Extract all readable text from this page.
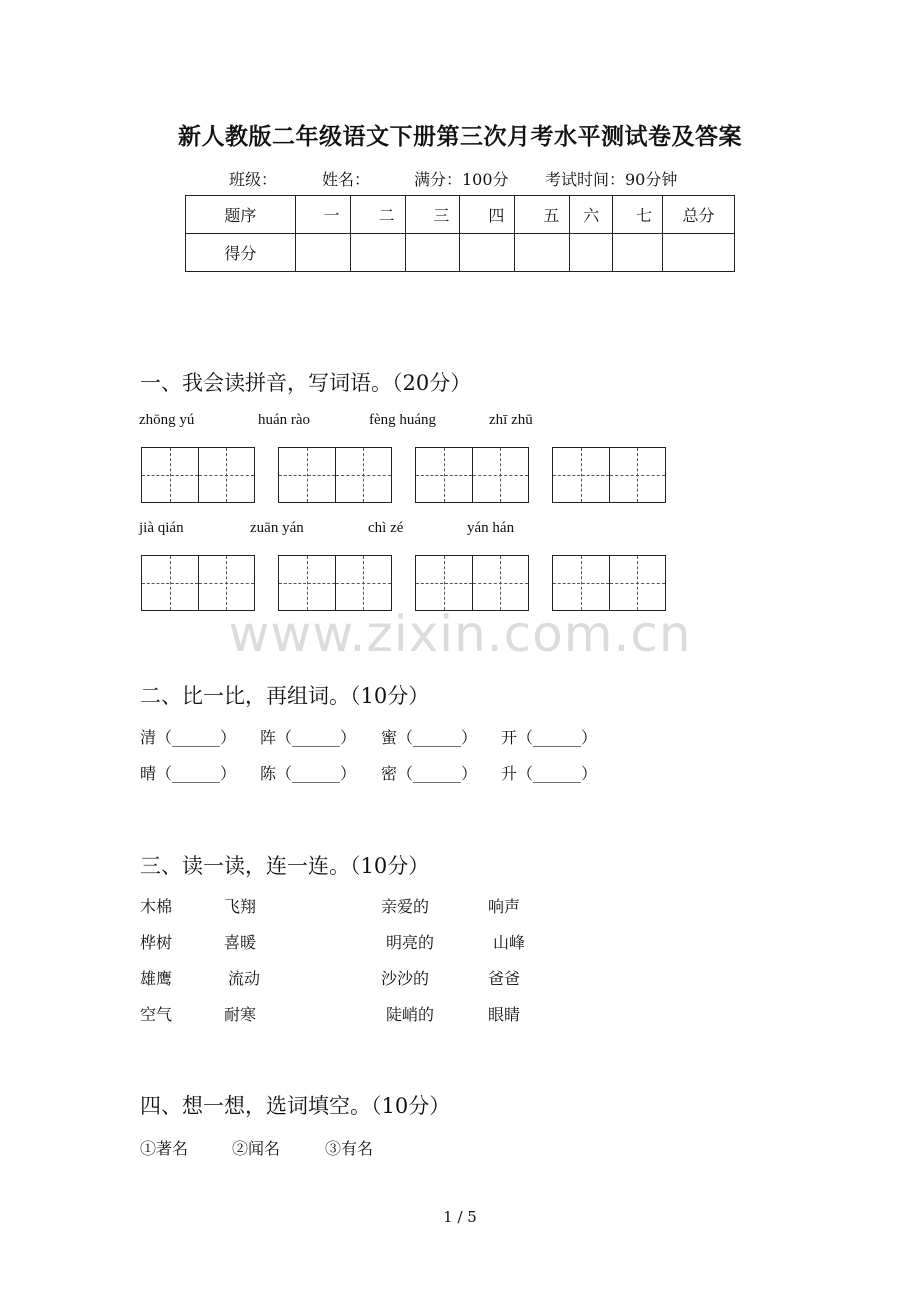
新人教版二年级语文下册第三次月考水平测试卷及答案
班级：	姓名：	满分：100分 考试时间：90分钟
题序	一	二	三	四	五	六	七	总分
得分								
一、我会读拼音，写词语。（20分）
zhōng yú	huán rào	fèng huáng	zhī zhū
jià qián	zuān yán	chì zé	yán hán
www.zixin.com.cn
二、比一比，再组词。（10分）
清（______） 阵（______） 蜜（______） 开（______）
晴（______） 陈（______） 密（______） 升（______）
三、读一读，连一连。（10分）
木棉	飞翔	亲爱的	响声
桦树	喜暖	明亮的	山峰
雄鹰	流动	沙沙的	爸爸
空气	耐寒	陡峭的	眼睛
四、想一想，选词填空。（10分）
①著名	②闻名	③有名
1 / 5
